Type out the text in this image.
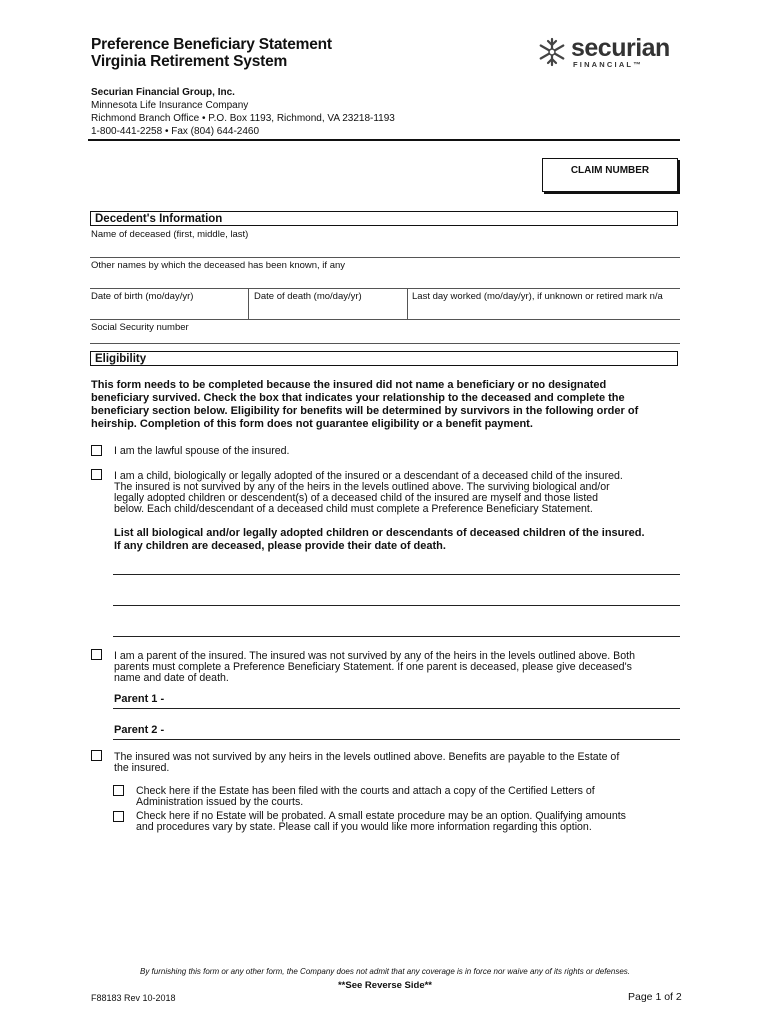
Preference Beneficiary Statement
Virginia Retirement System	securian
FINANCIAL™
Securian Financial Group, Inc.
Minnesota Life Insurance Company
Richmond Branch Office • P.O. Box 1193, Richmond, VA 23218-1193
1-800-441-2258 • Fax (804) 644-2460
CLAIM NUMBER
Decedent's Information
Name of deceased (first, middle, last)
Other names by which the deceased has been known, if any
Date of birth (mo/day/yr)	Date of death (mo/day/yr)	Last day worked (mo/day/yr), if unknown or retired mark n/a
Social Security number
Eligibility
This form needs to be completed because the insured did not name a beneficiary or no designated
beneficiary survived. Check the box that indicates your relationship to the deceased and complete the
beneficiary section below. Eligibility for benefits will be determined by survivors in the following order of
heirship. Completion of this form does not guarantee eligibility or a benefit payment.
I am the lawful spouse of the insured.
I am a child, biologically or legally adopted of the insured or a descendant of a deceased child of the insured.
The insured is not survived by any of the heirs in the levels outlined above. The surviving biological and/or
legally adopted children or descendent(s) of a deceased child of the insured are myself and those listed
below. Each child/descendant of a deceased child must complete a Preference Beneficiary Statement.
List all biological and/or legally adopted children or descendants of deceased children of the insured.
If any children are deceased, please provide their date of death.
I am a parent of the insured. The insured was not survived by any of the heirs in the levels outlined above. Both
parents must complete a Preference Beneficiary Statement. If one parent is deceased, please give deceased's
name and date of death.
Parent 1 -
Parent 2 -
The insured was not survived by any heirs in the levels outlined above. Benefits are payable to the Estate of
the insured.
Check here if the Estate has been filed with the courts and attach a copy of the Certified Letters of
Administration issued by the courts.
Check here if no Estate will be probated. A small estate procedure may be an option. Qualifying amounts
and procedures vary by state. Please call if you would like more information regarding this option.
By furnishing this form or any other form, the Company does not admit that any coverage is in force nor waive any of its rights or defenses.
**See Reverse Side**
F88183 Rev 10-2018	Page 1 of 2
